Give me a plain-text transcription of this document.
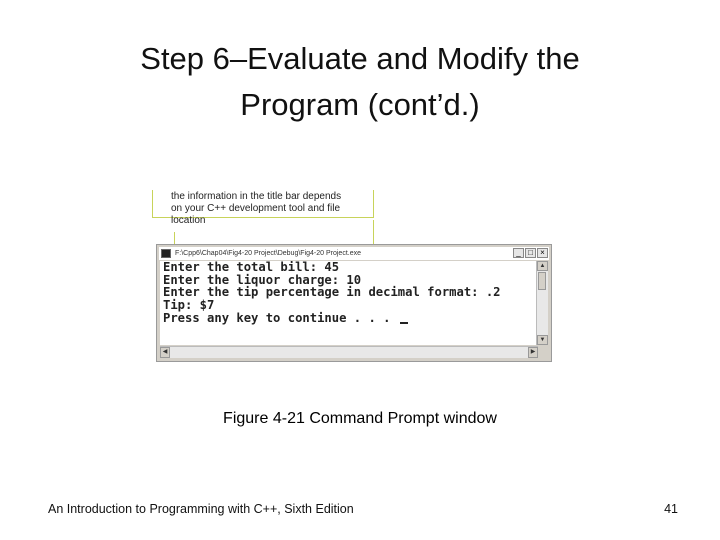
Step 6–Evaluate and Modify the
Program (cont’d.)
the information in the title bar depends
on your C++ development tool and file location
F:\Cpp6\Chap04\Fig4-20 Project\Debug\Fig4-20 Project.exe	_ □ ×
Enter the total bill: 45
Enter the liquor charge: 10
Enter the tip percentage in decimal format: .2
Tip: $7
Press any key to continue . . .
▲
▼
◀	▶
Figure 4-21 Command Prompt window
An Introduction to Programming with C++, Sixth Edition	41
